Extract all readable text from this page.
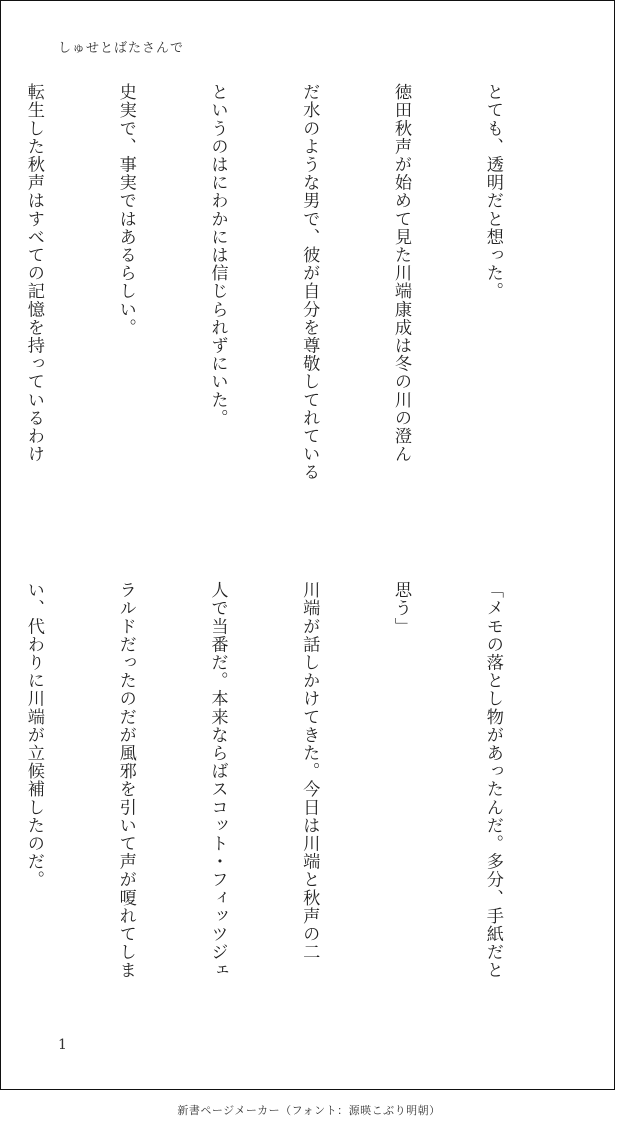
しゅせとばたさんで

とても、透明だと想った。

徳田秋声が始めて見た川端康成は冬の川の澄ん

だ水のような男で、彼が自分を尊敬してれている

というのはにわかには信じられずにいた。

史実で、事実ではあるらしい。

転生した秋声はすべての記憶を持っているわけ

「メモの落とし物があったんだ。多分、手紙だと

思う」

川端が話しかけてきた。今日は川端と秋声の二

人で当番だ。本来ならばスコット・フィッツジェ

ラルドだったのだが風邪を引いて声が嗄れてしま

い、代わりに川端が立候補したのだ。

1
新書ページメーカー（フォント：源暎こぶり明朝）
